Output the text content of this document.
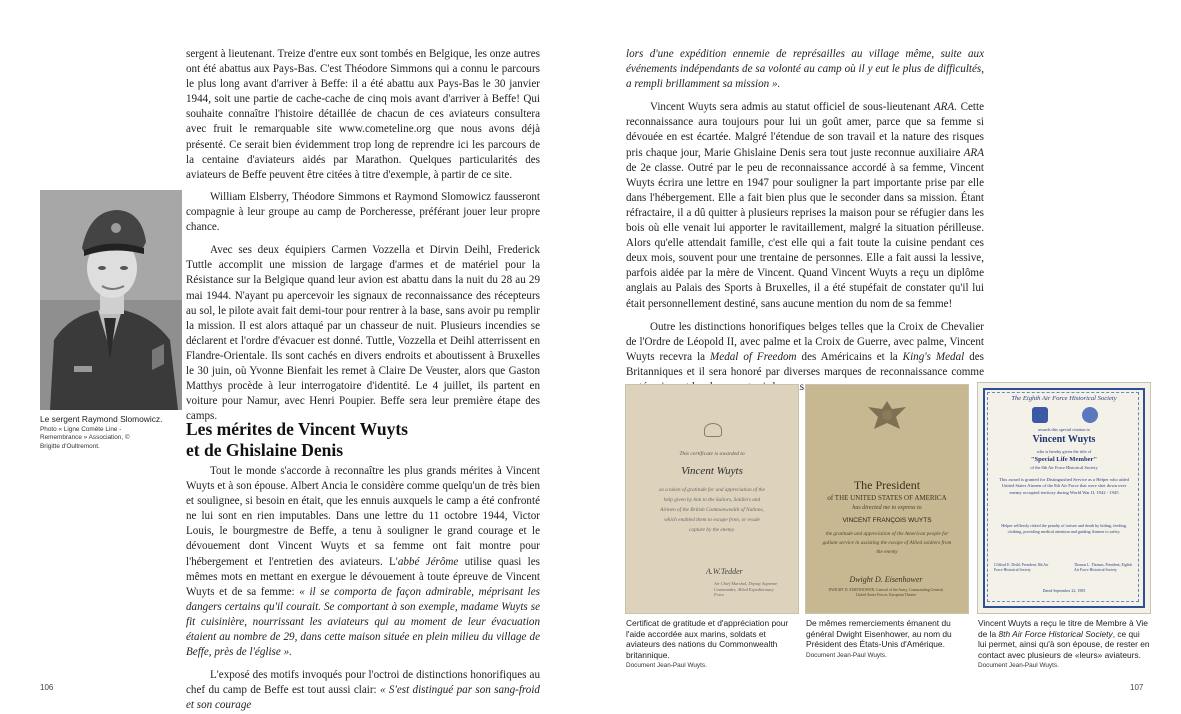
sergent à lieutenant. Treize d'entre eux sont tombés en Belgique, les onze autres ont été abattus aux Pays-Bas. C'est Théodore Simmons qui a connu le parcours le plus long avant d'arriver à Beffe: il a été abattu aux Pays-Bas le 30 janvier 1944, soit une partie de cache-cache de cinq mois avant d'arriver à Beffe! Qui souhaite connaître l'histoire détaillée de chacun de ces aviateurs consultera avec fruit le remarquable site www.cometeline.org que nous avons déjà présenté. Ce serait bien évidemment trop long de reprendre ici les parcours de la centaine d'aviateurs aidés par Marathon. Quelques particularités des aviateurs de Beffe peuvent être citées à titre d'exemple, à partir de ce site.

Le sergent Raymond Slomowicz.
Photo « Ligne Comète Line - Remembrance » Association, © Brigitte d'Oultremont.

William Elsberry, Théodore Simmons et Raymond Slomowicz fausseront compagnie à leur groupe au camp de Porcheresse, préférant jouer leur propre chance.

Avec ses deux équipiers Carmen Vozzella et Dirvin Deihl, Frederick Tuttle accomplit une mission de largage d'armes et de matériel pour la Résistance sur la Belgique quand leur avion est abattu dans la nuit du 28 au 29 mai 1944. N'ayant pu apercevoir les signaux de reconnaissance des récepteurs au sol, le pilote avait fait demi-tour pour rentrer à la base, sans avoir pu remplir la mission. Il est alors attaqué par un chasseur de nuit. Plusieurs incendies se déclarent et l'ordre d'évacuer est donné. Tuttle, Vozzella et Deihl atterrissent en Flandre-Orientale. Ils sont cachés en divers endroits et aboutissent à Bruxelles le 30 juin, où Yvonne Bienfait les remet à Claire De Veuster, alors que Gaston Matthys procède à leur interrogatoire d'identité. Le 4 juillet, ils partent en voiture pour Namur, avec Henri Poupier. Beffe sera leur première étape des camps.

Les mérites de Vincent Wuyts
et de Ghislaine Denis

Tout le monde s'accorde à reconnaître les plus grands mérites à Vincent Wuyts et à son épouse. Albert Ancia le considère comme quelqu'un de très bien et soulignee, si besoin en était, que les ennuis auxquels le camp a été confronté ne lui sont en rien imputables. Dans une lettre du 11 octobre 1944, Victor Louis, le bourgmestre de Beffe, a tenu à souligner le grand courage et le dévouement dont Vincent Wuyts et sa femme ont fait montre pour l'hébergement et l'entretien des aviateurs. L'abbé Jérôme utilise quasi les mêmes mots en mettant en exergue le dévouement à toute épreuve de Vincent Wuyts et de sa femme: « il se comporta de façon admirable, méprisant les dangers certains qu'il courait. Se comportant à son exemple, madame Wuyts se fit cuisinière, nourrissant les aviateurs qui au moment de leur évacuation étaient au nombre de 29, dans cette maison située en plein milieu du village de Beffe, près de l'église ».

L'exposé des motifs invoqués pour l'octroi de distinctions honorifiques au chef du camp de Beffe est tout aussi clair: « S'est distingué par son sang-froid et son courage

106

lors d'une expédition ennemie de représailles au village même, suite aux événements indépendants de sa volonté au camp où il y eut le plus de difficultés, a rempli brillamment sa mission ».

Vincent Wuyts sera admis au statut officiel de sous-lieutenant ARA. Cette reconnaissance aura toujours pour lui un goût amer, parce que sa femme si dévouée en est écartée. Malgré l'étendue de son travail et la nature des risques pris chaque jour, Marie Ghislaine Denis sera tout juste reconnue auxiliaire ARA de 2e classe. Outré par le peu de reconnaissance accordé à sa femme, Vincent Wuyts écrira une lettre en 1947 pour souligner la part importante prise par elle dans l'hébergement. Elle a fait bien plus que le seconder dans sa mission. Étant réfractaire, il a dû quitter à plusieurs reprises la maison pour se réfugier dans les bois où elle venait lui apporter le ravitaillement, malgré la situation périlleuse. Alors qu'elle attendait famille, c'est elle qui a fait toute la cuisine pendant ces deux mois, souvent pour une trentaine de personnes. Elle a fait aussi la lessive, parfois aidée par la mère de Vincent. Quand Vincent Wuyts a reçu un diplôme anglais au Palais des Sports à Bruxelles, il a été stupéfait de constater qu'il lui était personnellement destiné, sans aucune mention du nom de sa femme!

Outre les distinctions honorifiques belges telles que la Croix de Chevalier de l'Ordre de Léopold II, avec palme et la Croix de Guerre, avec palme, Vincent Wuyts recevra la Medal of Freedom des Américains et la King's Medal des Britanniques et il sera honoré par diverses marques de reconnaissance comme

This certificate is awarded to
Vincent Wuyts
as a token of gratitude for and appreciation of the help given by him to the Sailors, Soldiers and Airmen of the British Commonwealth of Nations, which enabled them to escape from, or evade capture by the enemy.
A.W.Tedder
Air Chief Marshal, Deputy Supreme Commander, Allied Expeditionary Force
The President
of THE UNITED STATES OF AMERICA
has directed me to express to
VINCENT FRANÇOIS WUYTS
the gratitude and appreciation of the American people for gallant service in assisting the escape of Allied soldiers from the enemy
Dwight D. Eisenhower
DWIGHT D. EISENHOWER, General of the Army, Commanding General, United States Forces, European Theater
The Eighth Air Force Historical Society
awards this special citation to
Vincent Wuyts
who is hereby given the title of
"Special Life Member"
of the 8th Air Force Historical Society
This award is granted for Distinguished Service as a Helper who aided United States Airmen of the 8th Air Force that were shot down over enemy occupied territory during World War II, 1942 - 1945
Helper selflessly risked the penalty of torture and death by hiding, feeding, clothing, providing medical attention and guiding Airmen to safety.
Clifford E. Deihl, President, 8th Air Force Historical Society
Thomas L. Thomas, President, Eighth Air Force Historical Society
Dated September 22, 1985
Certificat de gratitude et d'appréciation pour l'aide accordée aux marins, soldats et aviateurs des nations du Commonwealth britannique.
Document Jean-Paul Wuyts.
De mêmes remerciements émanent du général Dwight Eisenhower, au nom du Président des États-Unis d'Amérique.
Document Jean-Paul Wuyts.
Vincent Wuyts a reçu le titre de Membre à Vie de la 8th Air Force Historical Society, ce qui lui permet, ainsi qu'à son épouse, de rester en contact avec plusieurs de «leurs» aviateurs.
Document Jean-Paul Wuyts.
107
